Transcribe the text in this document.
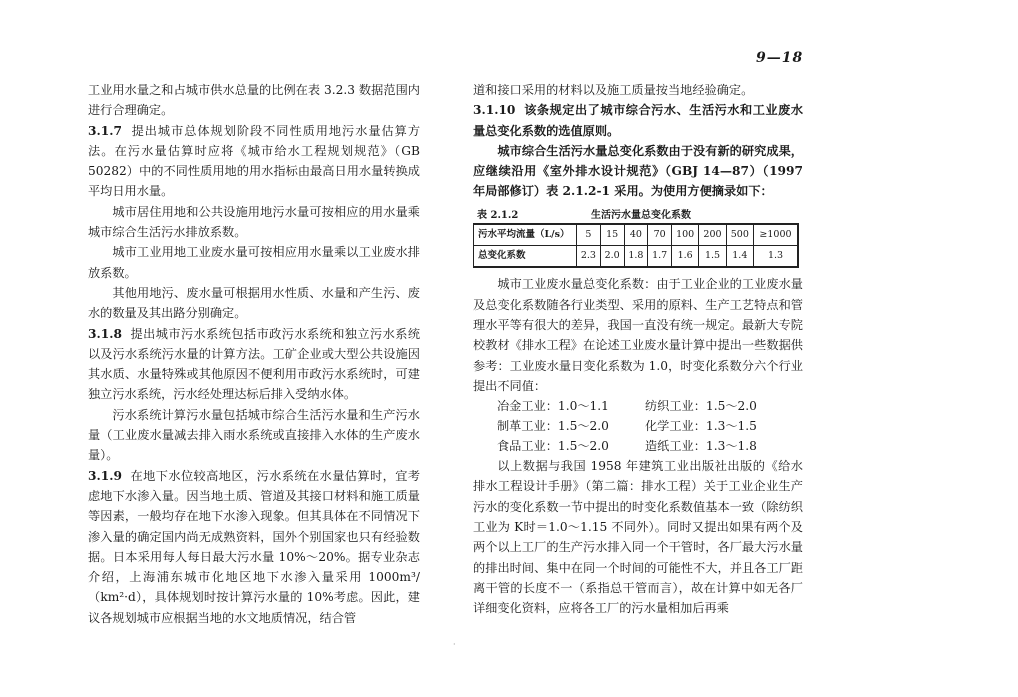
9—18

工业用水量之和占城市供水总量的比例在表 3.2.3 数据范围内进行合理确定。

3.1.7 提出城市总体规划阶段不同性质用地污水量估算方法。在污水量估算时应将《城市给水工程规划规范》（GB 50282）中的不同性质用地的用水指标由最高日用水量转换成平均日用水量。

城市居住用地和公共设施用地污水量可按相应的用水量乘城市综合生活污水排放系数。

城市工业用地工业废水量可按相应用水量乘以工业废水排放系数。

其他用地污、废水量可根据用水性质、水量和产生污、废水的数量及其出路分别确定。

3.1.8 提出城市污水系统包括市政污水系统和独立污水系统以及污水系统污水量的计算方法。工矿企业或大型公共设施因其水质、水量特殊或其他原因不便利用市政污水系统时，可建独立污水系统，污水经处理达标后排入受纳水体。

污水系统计算污水量包括城市综合生活污水量和生产污水量（工业废水量减去排入雨水系统或直接排入水体的生产废水量）。

3.1.9 在地下水位较高地区，污水系统在水量估算时，宜考虑地下水渗入量。因当地土质、管道及其接口材料和施工质量等因素，一般均存在地下水渗入现象。但其具体在不同情况下渗入量的确定国内尚无成熟资料，国外个别国家也只有经验数据。日本采用每人每日最大污水量 10%～20%。据专业杂志介绍，上海浦东城市化地区地下水渗入量采用 1000m³/（km²·d），具体规划时按计算污水量的 10%考虑。因此，建议各规划城市应根据当地的水文地质情况，结合管

道和接口采用的材料以及施工质量按当地经验确定。

3.1.10 该条规定出了城市综合污水、生活污水和工业废水量总变化系数的选值原则。

城市综合生活污水量总变化系数由于没有新的研究成果，应继续沿用《室外排水设计规范》（GBJ 14—87）（1997 年局部修订）表 2.1.2-1 采用。为使用方便摘录如下：

表 2.1.2	生活污水量总变化系数
污水平均流量（L/s）	5	15	40	70	100	200	500	≥1000
总变化系数	2.3	2.0	1.8	1.7	1.6	1.5	1.4	1.3

城市工业废水量总变化系数：由于工业企业的工业废水量及总变化系数随各行业类型、采用的原料、生产工艺特点和管理水平等有很大的差异，我国一直没有统一规定。最新大专院校教材《排水工程》在论述工业废水量计算中提出一些数据供参考：工业废水量日变化系数为 1.0，时变化系数分六个行业提出不同值：

冶金工业：1.0～1.1	纺织工业：1.5～2.0
制革工业：1.5～2.0	化学工业：1.3～1.5
食品工业：1.5～2.0	造纸工业：1.3～1.8

以上数据与我国 1958 年建筑工业出版社出版的《给水排水工程设计手册》（第二篇：排水工程）关于工业企业生产污水的变化系数一节中提出的时变化系数值基本一致（除纺织工业为 K时＝1.0～1.15 不同外）。同时又提出如果有两个及两个以上工厂的生产污水排入同一个干管时，各厂最大污水量的排出时间、集中在同一个时间的可能性不大，并且各工厂距离干管的长度不一（系指总干管而言），故在计算中如无各厂详细变化资料，应将各工厂的污水量相加后再乘

·
